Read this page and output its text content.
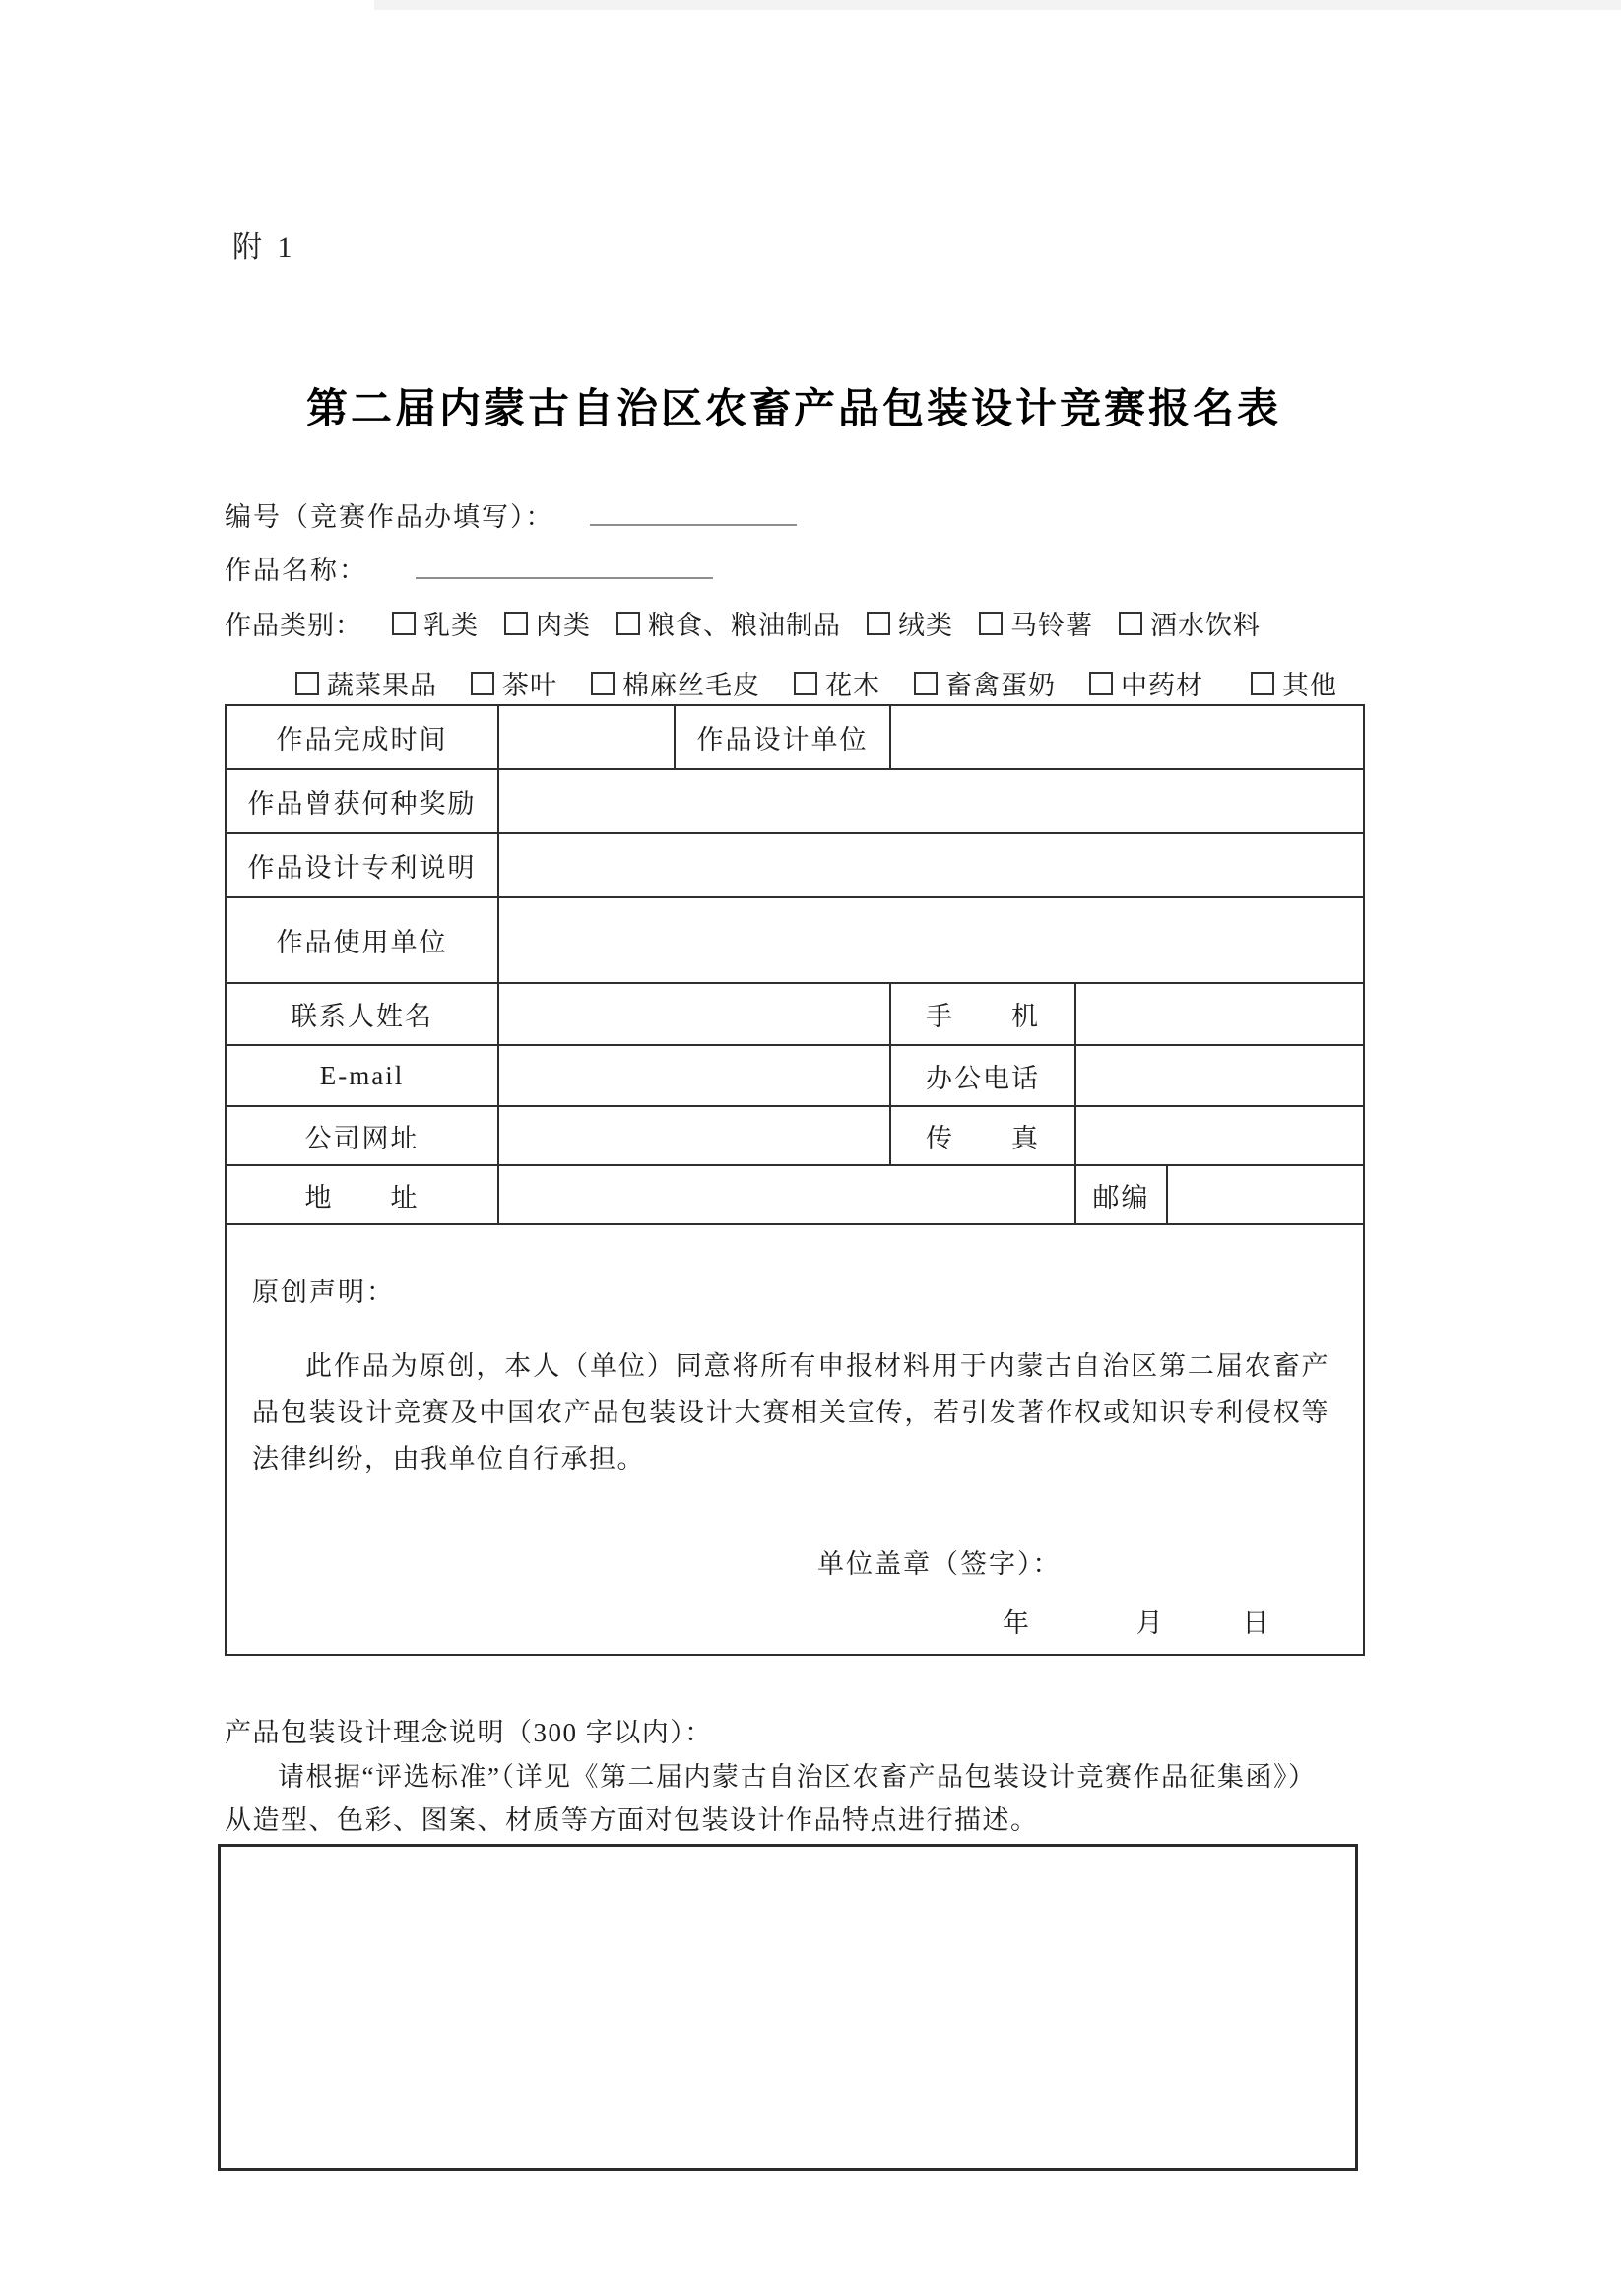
附 1
第二届内蒙古自治区农畜产品包装设计竞赛报名表
编号（竞赛作品办填写）：
作品名称：
作品类别： 乳类 肉类 粮食、粮油制品 绒类 马铃薯 酒水饮料
蔬菜果品 茶叶 棉麻丝毛皮 花木 畜禽蛋奶 中药材	其他
作品完成时间		作品设计单位			
作品曾获何种奖励					
作品设计专利说明					
作品使用单位					
联系人姓名			手　　机		
E-mail			办公电话		
公司网址			传　　真		
地　　址				邮编	

原创声明：
此作品为原创，本人（单位）同意将所有申报材料用于内蒙古自治区第二届农畜产品包装设计竞赛及中国农产品包装设计大赛相关宣传，若引发著作权或知识专利侵权等法律纠纷，由我单位自行承担。
单位盖章（签字）：
年 月 日					
产品包装设计理念说明（300 字以内）：
请根据“评选标准”（详见《第二届内蒙古自治区农畜产品包装设计竞赛作品征集函》）
从造型、色彩、图案、材质等方面对包装设计作品特点进行描述。
